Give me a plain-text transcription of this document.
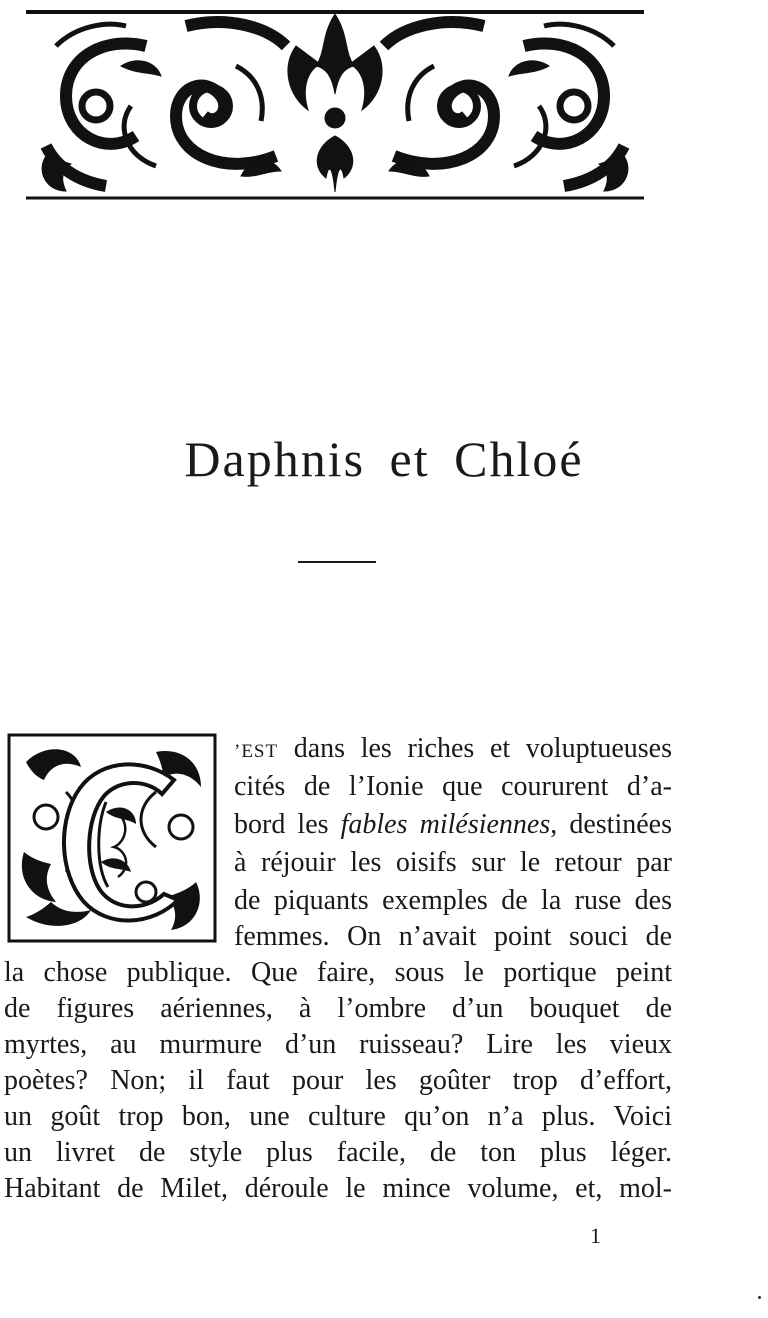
Daphnis et Chloé
’EST dans les riches et voluptueuses
cités de l’Ionie que coururent d’a-
bord les fables milésiennes, destinées
à réjouir les oisifs sur le retour par
de piquants exemples de la ruse des
femmes. On n’avait point souci de
la chose publique. Que faire, sous le portique peint
de figures aériennes, à l’ombre d’un bouquet de
myrtes, au murmure d’un ruisseau? Lire les vieux
poètes? Non; il faut pour les goûter trop d’effort,
un goût trop bon, une culture qu’on n’a plus. Voici
un livret de style plus facile, de ton plus léger.
Habitant de Milet, déroule le mince volume, et, mol-
1
